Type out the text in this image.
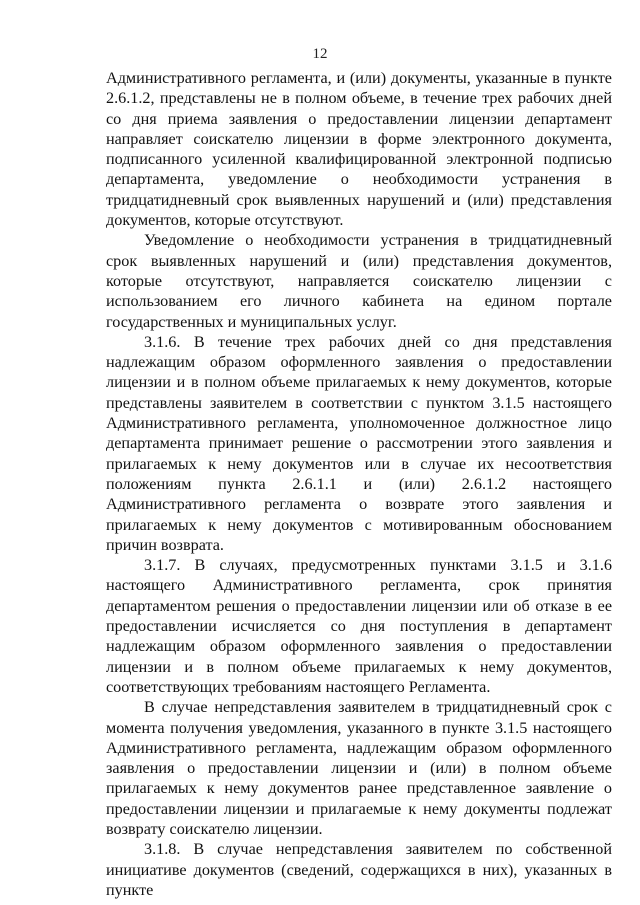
12

Административного регламента, и (или) документы, указанные в пункте 2.6.1.2, представлены не в полном объеме, в течение трех рабочих дней со дня приема заявления о предоставлении лицензии департамент направляет соискателю лицензии в форме электронного документа, подписанного усиленной квалифицированной электронной подписью департамента, уведомление о необходимости устранения в тридцатидневный срок выявленных нарушений и (или) представления документов, которые отсутствуют.

Уведомление о необходимости устранения в тридцатидневный срок выявленных нарушений и (или) представления документов, которые отсутствуют, направляется соискателю лицензии с использованием его личного кабинета на едином портале государственных и муниципальных услуг.

3.1.6. В течение трех рабочих дней со дня представления надлежащим образом оформленного заявления о предоставлении лицензии и в полном объеме прилагаемых к нему документов, которые представлены заявителем в соответствии с пунктом 3.1.5 настоящего Административного регламента, уполномоченное должностное лицо департамента принимает решение о рассмотрении этого заявления и прилагаемых к нему документов или в случае их несоответствия положениям пункта 2.6.1.1 и (или) 2.6.1.2 настоящего Административного регламента о возврате этого заявления и прилагаемых к нему документов с мотивированным обоснованием причин возврата.

3.1.7. В случаях, предусмотренных пунктами 3.1.5 и 3.1.6 настоящего Административного регламента, срок принятия департаментом решения о предоставлении лицензии или об отказе в ее предоставлении исчисляется со дня поступления в департамент надлежащим образом оформленного заявления о предоставлении лицензии и в полном объеме прилагаемых к нему документов, соответствующих требованиям настоящего Регламента.

В случае непредставления заявителем в тридцатидневный срок с момента получения уведомления, указанного в пункте 3.1.5 настоящего Административного регламента, надлежащим образом оформленного заявления о предоставлении лицензии и (или) в полном объеме прилагаемых к нему документов ранее представленное заявление о предоставлении лицензии и прилагаемые к нему документы подлежат возврату соискателю лицензии.

3.1.8. В случае непредставления заявителем по собственной инициативе документов (сведений, содержащихся в них), указанных в пункте
